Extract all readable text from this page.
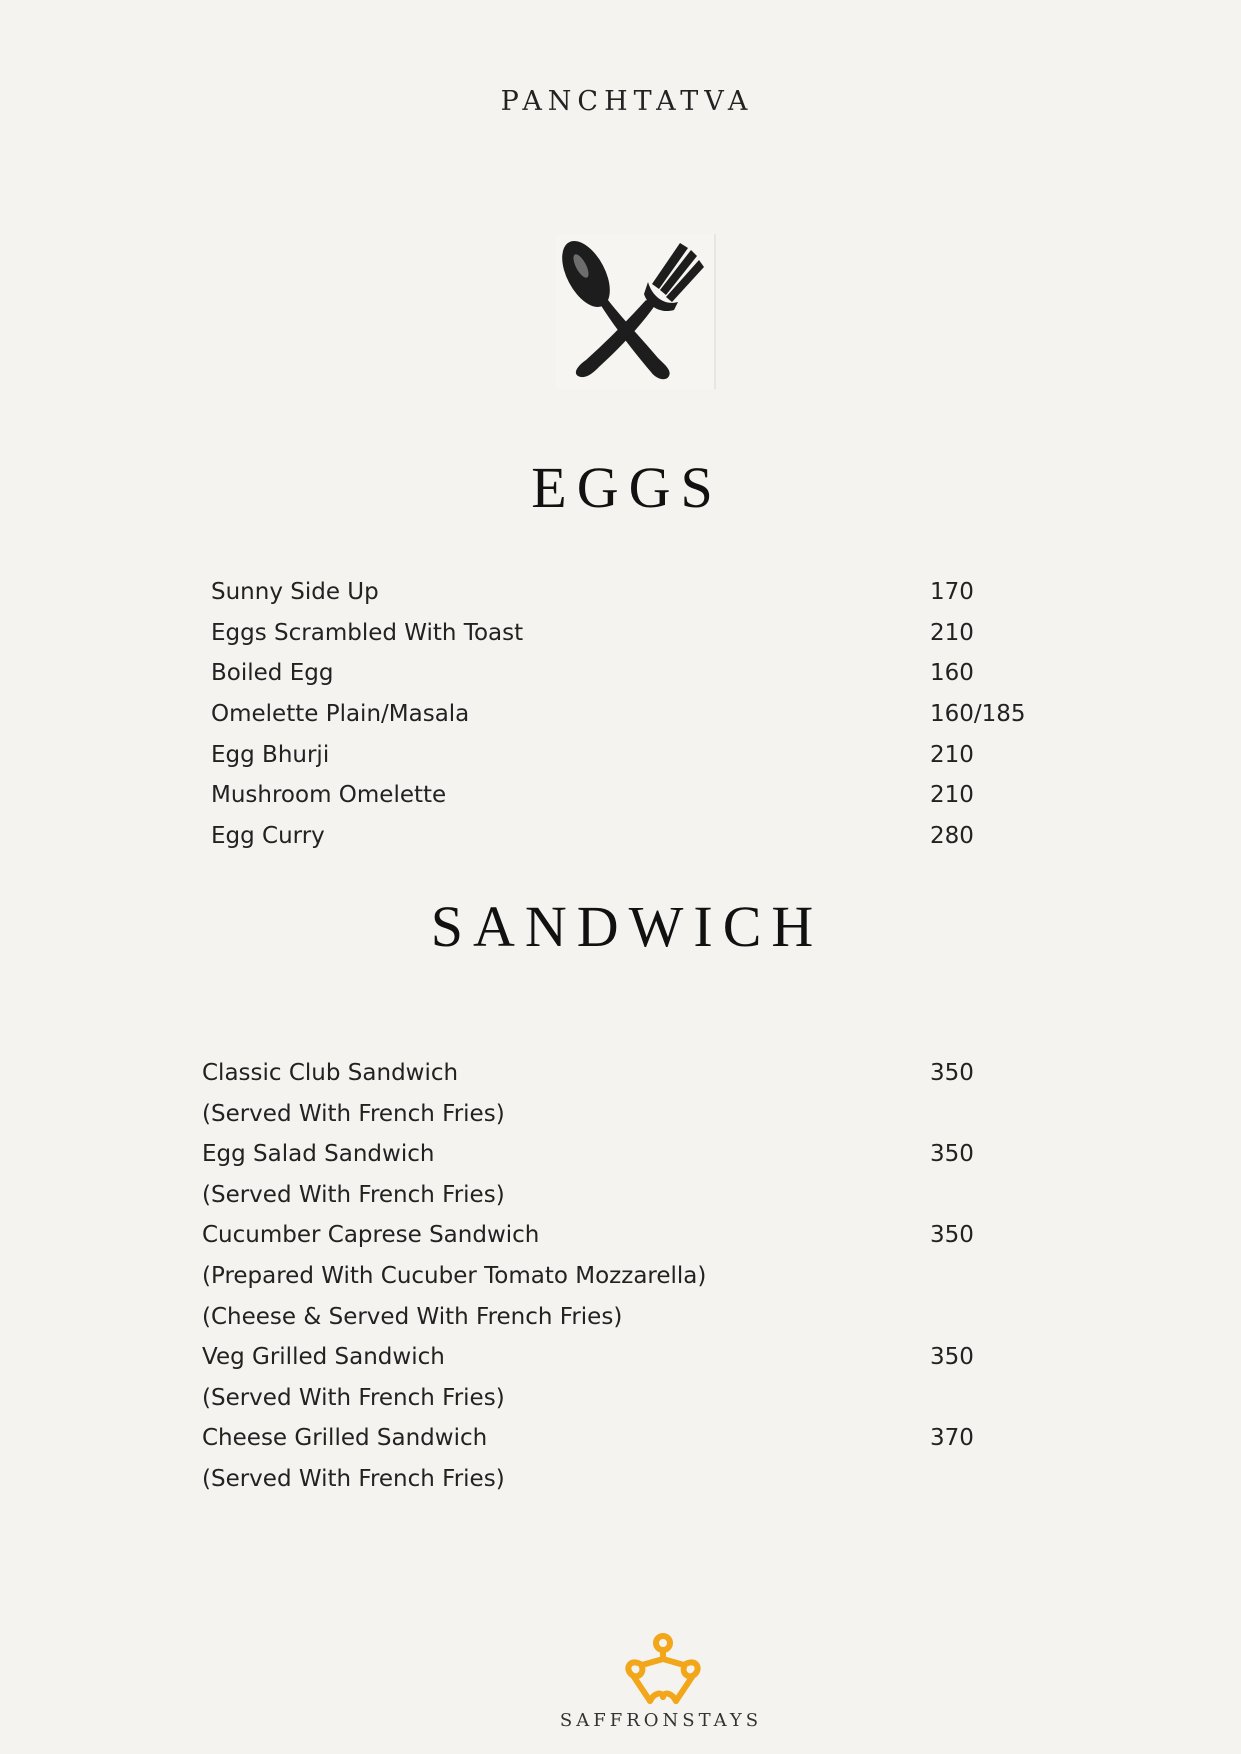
PANCHTATVA
EGGS
Sunny Side Up	170
Eggs Scrambled With Toast	210
Boiled Egg	160
Omelette Plain/Masala	160/185
Egg Bhurji	210
Mushroom Omelette	210
Egg Curry	280
SANDWICH
Classic Club Sandwich	350
(Served With French Fries)
Egg Salad Sandwich	350
(Served With French Fries)
Cucumber Caprese Sandwich	350
(Prepared With Cucuber Tomato Mozzarella)
(Cheese & Served With French Fries)
Veg Grilled Sandwich	350
(Served With French Fries)
Cheese Grilled Sandwich	370
(Served With French Fries)
SAFFRONSTAYS
